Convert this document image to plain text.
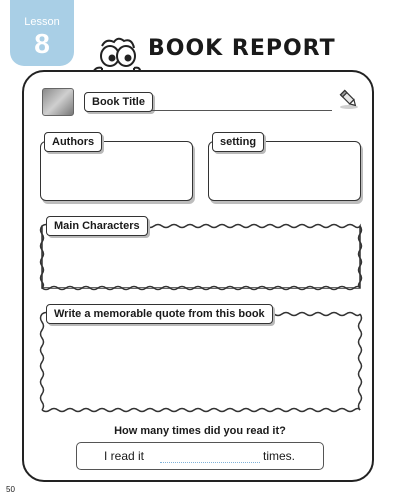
Lesson
8	BOOK REPORT
Book Title
Authors	setting
Main Characters
Write a memorable quote from this book
How many times did you read it?
I read it	times.
50
